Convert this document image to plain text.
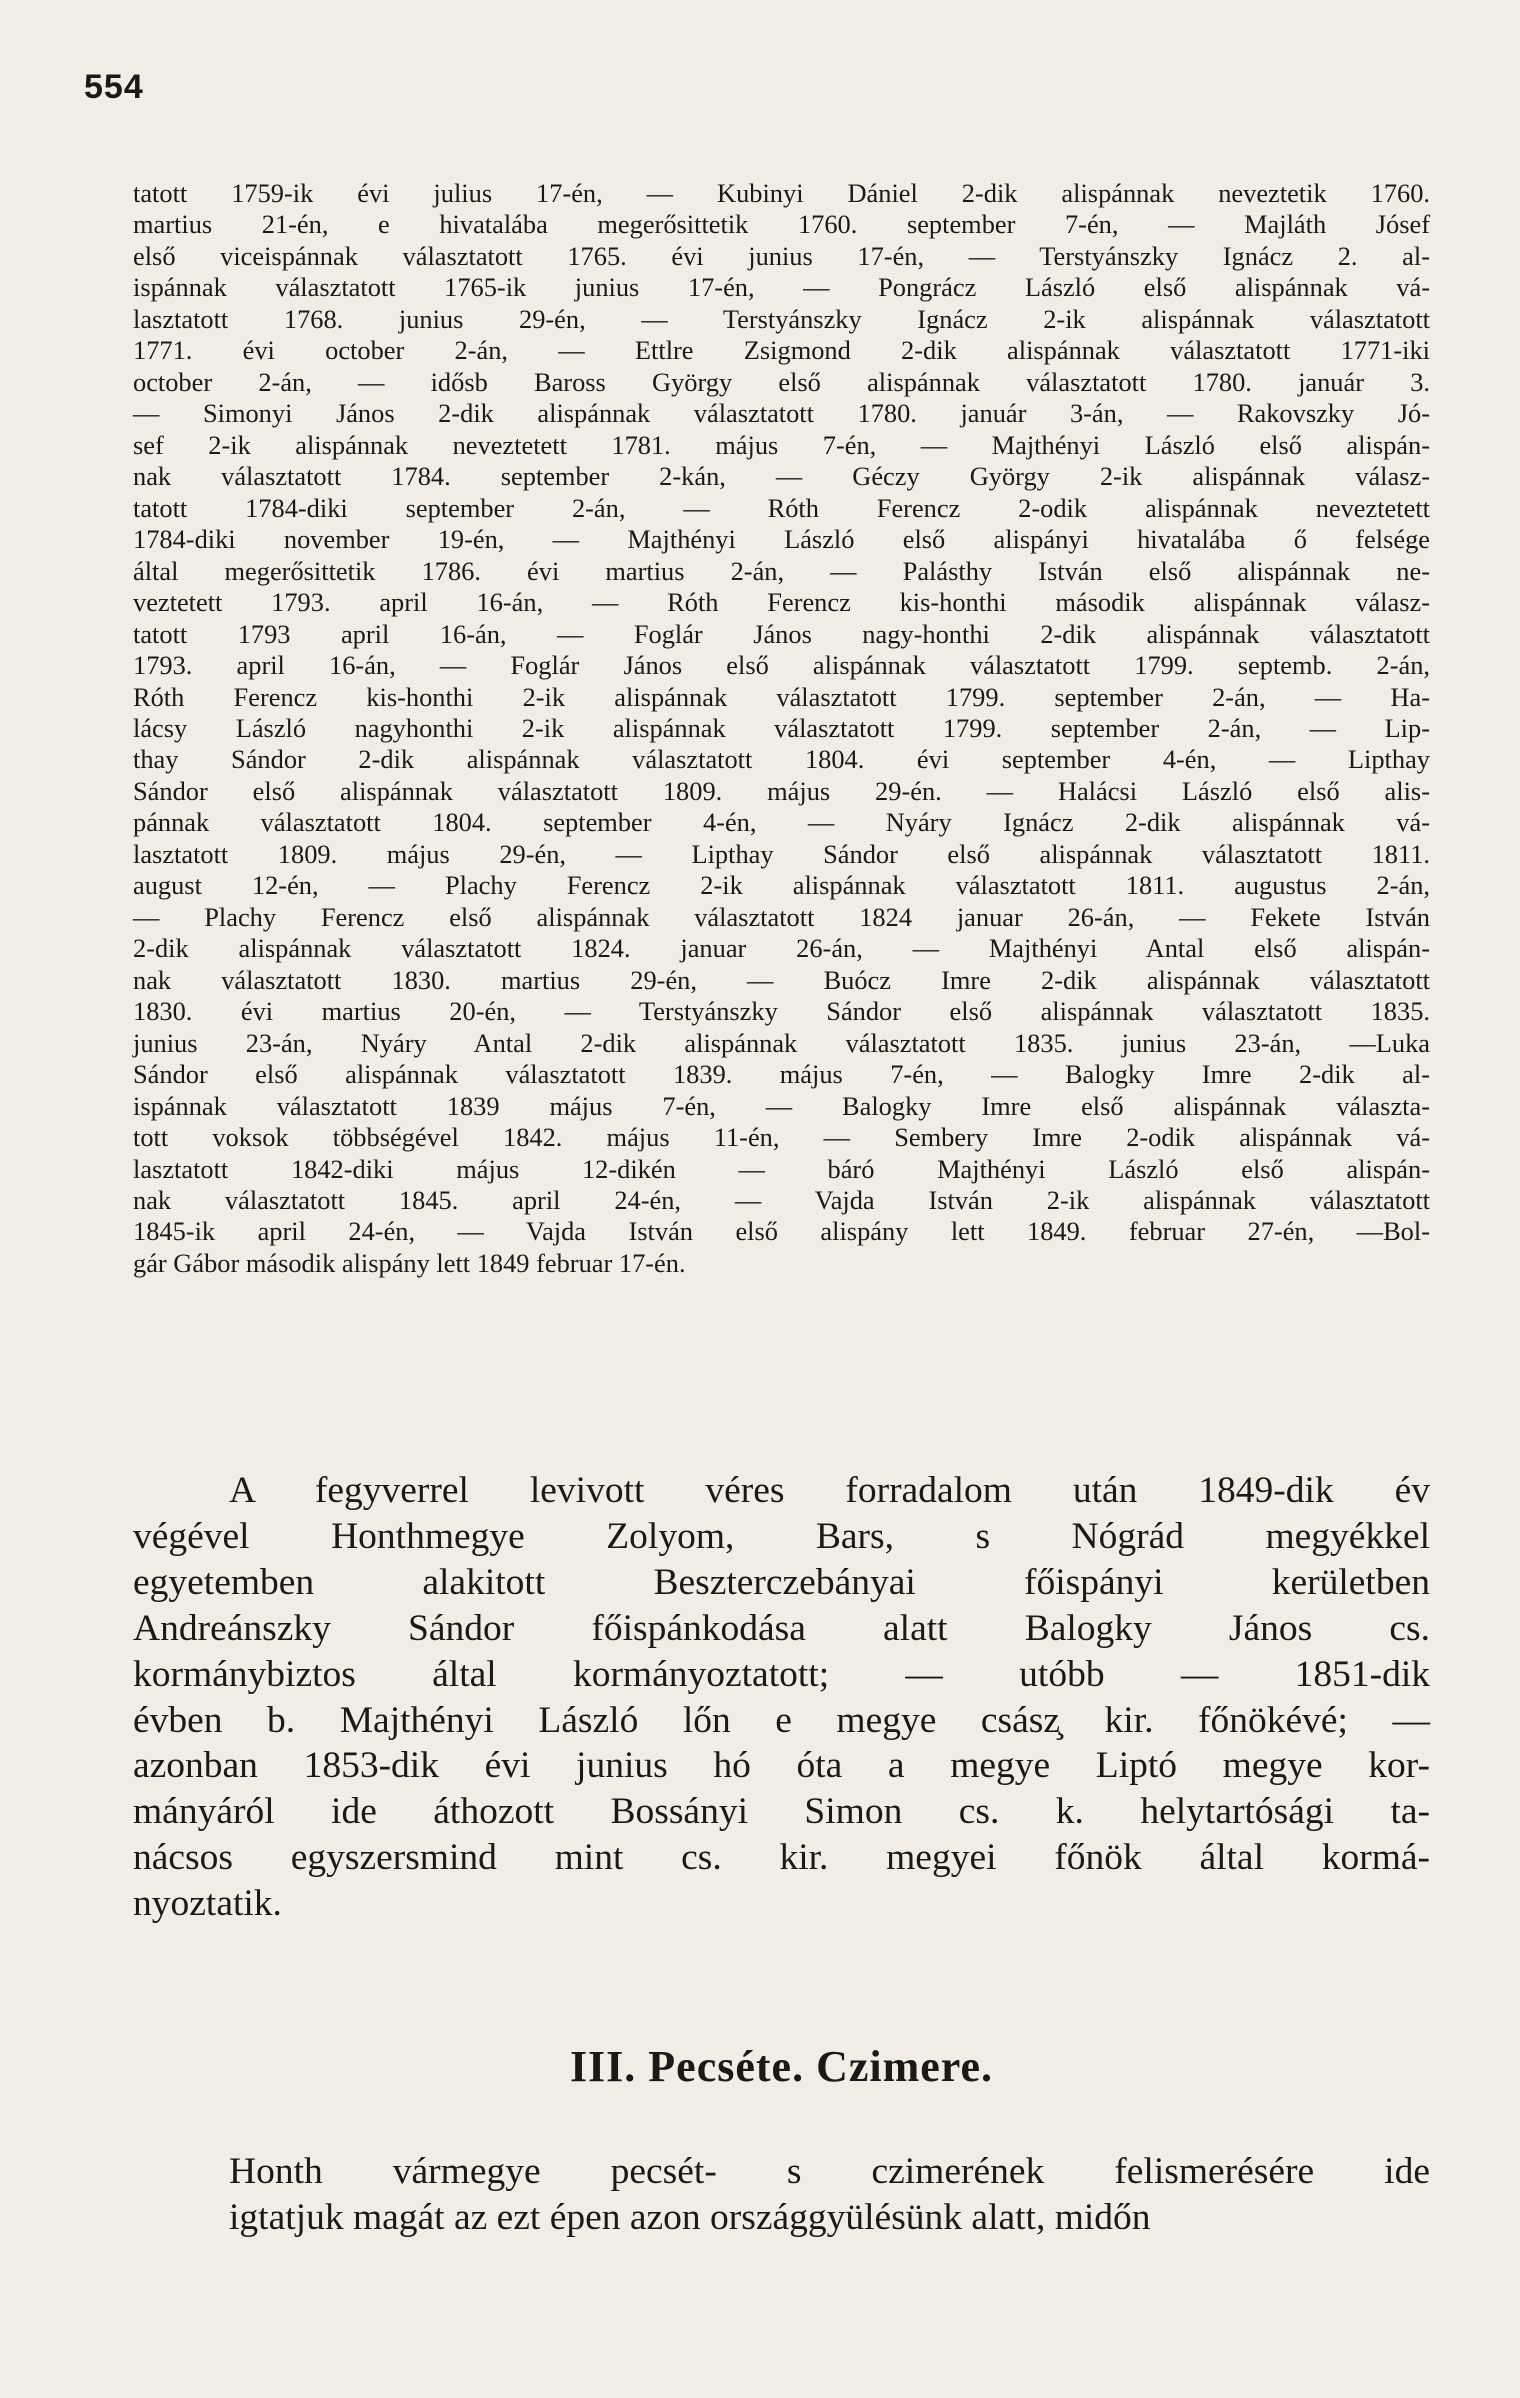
554
tatott 1759-ik évi julius 17-én, — Kubinyi Dániel 2-dik alispánnak neveztetik 1760.
martius 21-én, e hivatalába megerősittetik 1760. september 7-én, — Majláth Jósef
első viceispánnak választatott 1765. évi junius 17-én, — Terstyánszky Ignácz 2. al-
ispánnak választatott 1765-ik junius 17-én, — Pongrácz László első alispánnak vá-
lasztatott 1768. junius 29-én, — Terstyánszky Ignácz 2-ik alispánnak választatott
1771. évi october 2-án, — Ettlre Zsigmond 2-dik alispánnak választatott 1771-iki
october 2-án, — idősb Baross György első alispánnak választatott 1780. január 3.
— Simonyi János 2-dik alispánnak választatott 1780. január 3-án, — Rakovszky Jó-
sef 2-ik alispánnak neveztetett 1781. május 7-én, — Majthényi László első alispán-
nak választatott 1784. september 2-kán, — Géczy György 2-ik alispánnak válasz-
tatott 1784-diki september 2-án, — Róth Ferencz 2-odik alispánnak neveztetett
1784-diki november 19-én, — Majthényi László első alispányi hivatalába ő felsége
által megerősittetik 1786. évi martius 2-án, — Palásthy István első alispánnak ne-
veztetett 1793. april 16-án, — Róth Ferencz kis-honthi második alispánnak válasz-
tatott 1793 april 16-án, — Foglár János nagy-honthi 2-dik alispánnak választatott
1793. april 16-án, — Foglár János első alispánnak választatott 1799. septemb. 2-án,
Róth Ferencz kis-honthi 2-ik alispánnak választatott 1799. september 2-án, — Ha-
lácsy László nagyhonthi 2-ik alispánnak választatott 1799. september 2-án, — Lip-
thay Sándor 2-dik alispánnak választatott 1804. évi september 4-én, — Lipthay
Sándor első alispánnak választatott 1809. május 29-én. — Halácsi László első alis-
pánnak választatott 1804. september 4-én, — Nyáry Ignácz 2-dik alispánnak vá-
lasztatott 1809. május 29-én, — Lipthay Sándor első alispánnak választatott 1811.
august 12-én, — Plachy Ferencz 2-ik alispánnak választatott 1811. augustus 2-án,
— Plachy Ferencz első alispánnak választatott 1824 januar 26-án, — Fekete István
2-dik alispánnak választatott 1824. januar 26-án, — Majthényi Antal első alispán-
nak választatott 1830. martius 29-én, — Buócz Imre 2-dik alispánnak választatott
1830. évi martius 20-én, — Terstyánszky Sándor első alispánnak választatott 1835.
junius 23-án, Nyáry Antal 2-dik alispánnak választatott 1835. junius 23-án, —Luka
Sándor első alispánnak választatott 1839. május 7-én, — Balogky Imre 2-dik al-
ispánnak választatott 1839 május 7-én, — Balogky Imre első alispánnak választa-
tott voksok többségével 1842. május 11-én, — Sembery Imre 2-odik alispánnak vá-
lasztatott 1842-diki május 12-dikén — báró Majthényi László első alispán-
nak választatott 1845. april 24-én, — Vajda István 2-ik alispánnak választatott
1845-ik april 24-én, — Vajda István első alispány lett 1849. februar 27-én, —Bol-
gár Gábor második alispány lett 1849 februar 17-én.
A fegyverrel levivott véres forradalom után 1849-dik év
végével Honthmegye Zolyom, Bars, s Nógrád megyékkel
egyetemben alakitott Beszterczebányai főispányi kerületben
Andreánszky Sándor főispánkodása alatt Balogky János cs.
kormánybiztos által kormányoztatott; — utóbb — 1851-dik
évben b. Majthényi László lőn e megye csász̧ kir. főnökévé; —
azonban 1853-dik évi junius hó óta a megye Liptó megye kor-
mányáról ide áthozott Bossányi Simon cs. k. helytartósági ta-
nácsos egyszersmind mint cs. kir. megyei főnök által kormá-
nyoztatik.
III. Pecséte. Czimere.
Honth vármegye pecsét- s czimerének felismerésére ide
igtatjuk magát az ezt épen azon országgyülésünk alatt, midőn
